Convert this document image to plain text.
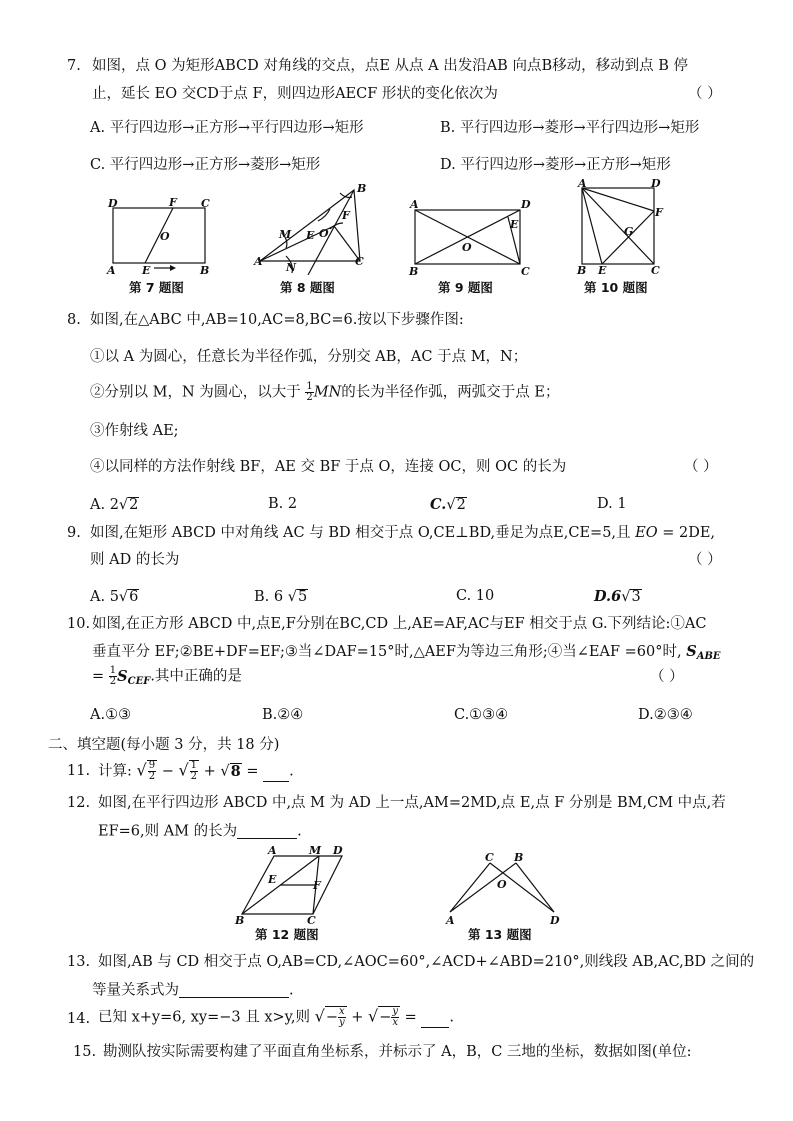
7. 如图，点 O 为矩形ABCD 对角线的交点，点E 从点 A 出发沿AB 向点B移动，移动到点 B 停
止，延长 EO 交CD于点 F，则四边形AECF 形状的变化依次为	（ ）
A. 平行四边形→正方形→平行四边形→矩形	B. 平行四边形→菱形→平行四边形→矩形
C. 平行四边形→正方形→菱形→矩形	D. 平行四边形→菱形→正方形→矩形
D	F C
O
A E	B
第 7 题图
B
F
M E O
A N	C
第 8 题图
A	D
E
O
B	C
第 9 题图
A	D
F
G
B E	C
第 10 题图
8. 如图,在△ABC 中,AB=10,AC=8,BC=6.按以下步骤作图:
①以 A 为圆心，任意长为半径作弧，分别交 AB，AC 于点 M，N；
②分别以 M，N 为圆心，以大于 $\frac{1}{2}$ MN的长为半径作弧，两弧交于点 E；
③作射线 AE;
④以同样的方法作射线 BF，AE 交 BF 于点 O，连接 OC，则 OC 的长为	（ ）
A. 2√2	B. 2	C.√2	D. 1
9. 如图,在矩形 ABCD 中对角线 AC 与 BD 相交于点 O,CE⊥BD,垂足为点E,CE=5,且 EO = 2DE,
则 AD 的长为	（ ）
A. 5√6	B. 6 √5	C. 10	D.6√3
10. 如图,在正方形 ABCD 中,点E,F分别在BC,CD 上,AE=AF,AC与EF 相交于点 G.下列结论:①AC
垂直平分 EF;②BE+DF=EF;③当∠DAF=15°时,△AEF为等边三角形;④当∠EAF =60°时, $S_{ABE}$
= $\frac{1}{2} S_{CEF}$.其中正确的是	（ ）
A.①③	B.②④	C.①③④	D.②③④
二、填空题(每小题 3 分，共 18 分)
11. 计算: √ $\frac{9}{2}$ − √ $\frac{1}{2} + √8$ = .
12. 如图,在平行四边形 ABCD 中,点 M 为 AD 上一点,AM=2MD,点 E,点 F 分别是 BM,CM 中点,若
EF=6,则 AM 的长为	.
A	M D
E	F
B	C
第 12 题图
C B
O
A	D
第 13 题图
13. 如图,AB 与 CD 相交于点 O,AB=CD,∠AOC=60°,∠ACD+∠ABD=210°,则线段 AB,AC,BD 之间的
等量关系式为	.
14. 已知 x+y=6, xy=−3 且 x>y,则 √− $\frac{x}{y}$ + √− $\frac{y}{x}$ = .
15. 勘测队按实际需要构建了平面直角坐标系，并标示了 A，B，C 三地的坐标，数据如图(单位:
